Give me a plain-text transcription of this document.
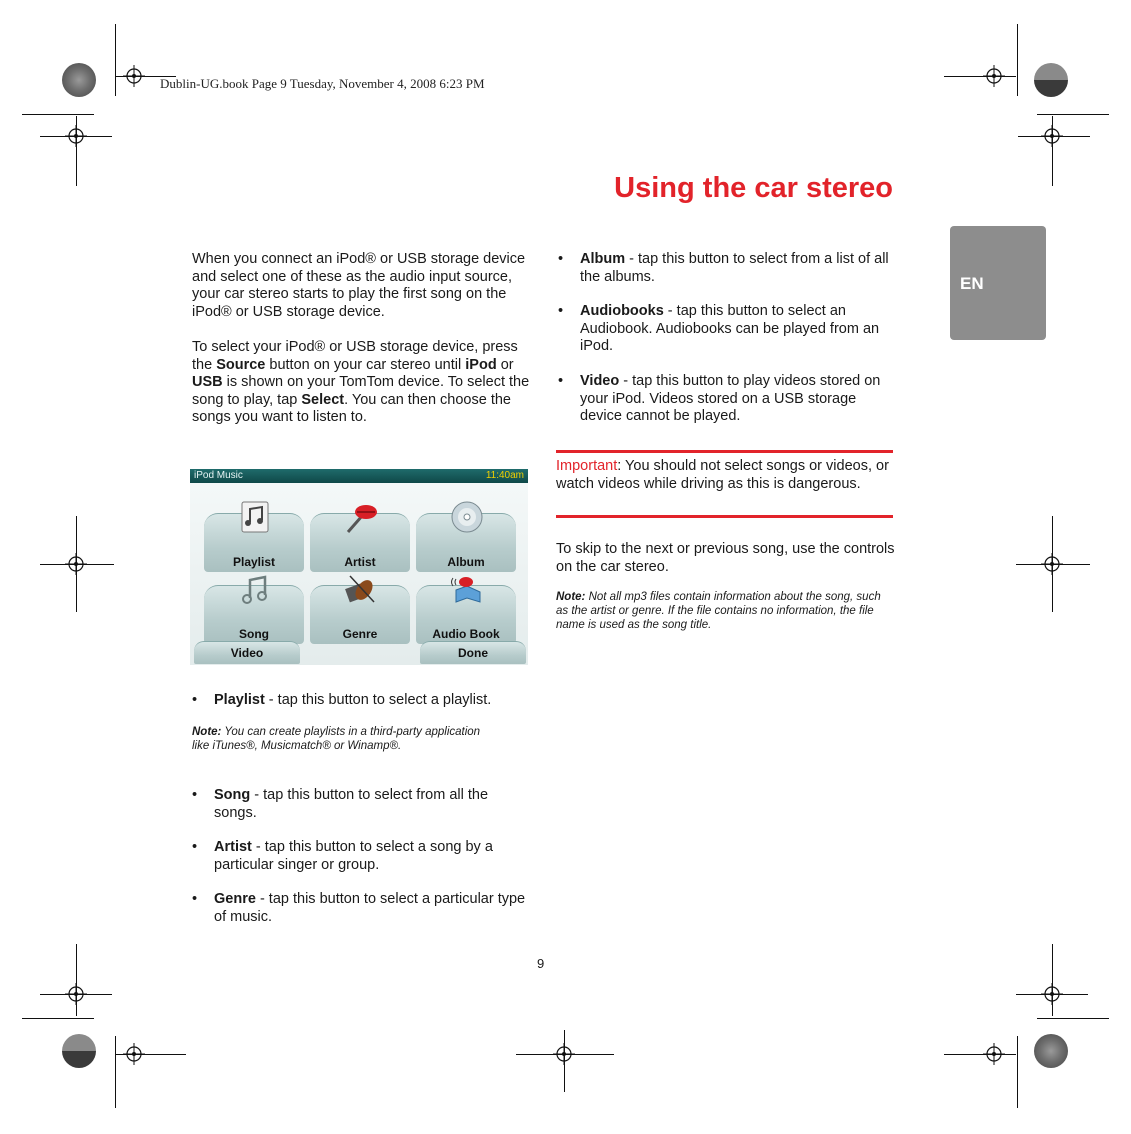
Dublin-UG.book Page 9 Tuesday, November 4, 2008 6:23 PM
Using the car stereo
EN
When you connect an iPod® or USB storage device and select one of these as the audio input source, your car stereo starts to play the first song on the iPod® or USB storage device.
To select your iPod® or USB storage device, press the Source button on your car stereo until iPod or USB is shown on your TomTom device. To select the song to play, tap Select. You can then choose the songs you want to listen to.
iPod Music	11:40am
Playlist	Artist	Album
Song	Genre	Audio Book
Video	Done
• Playlist - tap this button to select a playlist.
Note: You can create playlists in a third-party application like iTunes®, Musicmatch® or Winamp®.
• Song - tap this button to select from all the songs.
• Artist - tap this button to select a song by a particular singer or group.
• Genre - tap this button to select a particular type of music.
• Album - tap this button to select from a list of all the albums.
• Audiobooks - tap this button to select an Audiobook. Audiobooks can be played from an iPod.
• Video - tap this button to play videos stored on your iPod. Videos stored on a USB storage device cannot be played.
Important: You should not select songs or videos, or watch videos while driving as this is dangerous.
To skip to the next or previous song, use the controls on the car stereo.
Note: Not all mp3 files contain information about the song, such as the artist or genre. If the file contains no information, the file name is used as the song title.
9
